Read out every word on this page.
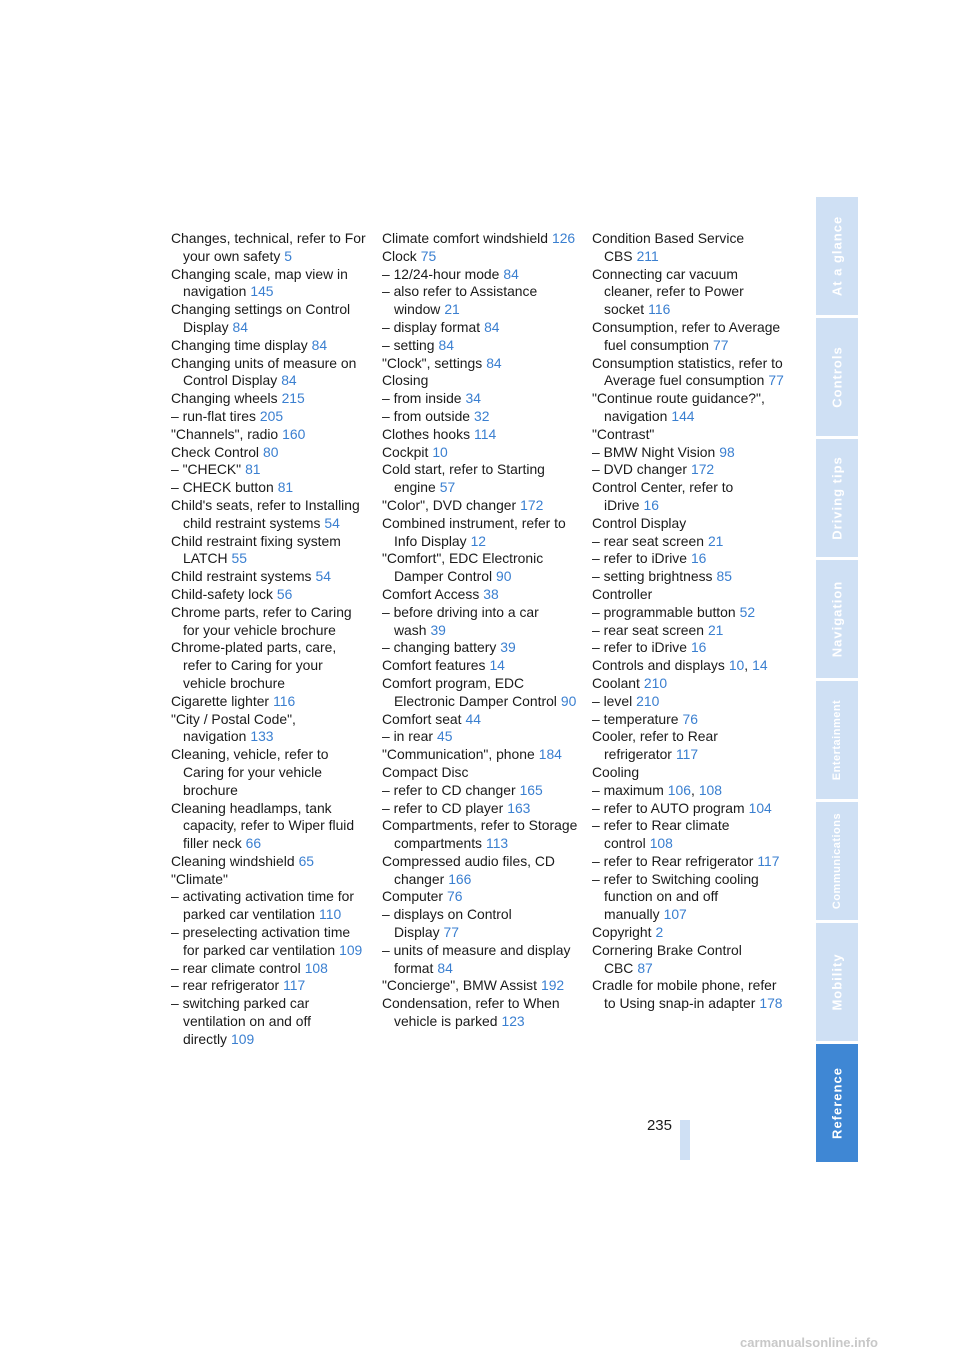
Changes, technical, refer to For your own safety 5
Changing scale, map view in navigation 145
Changing settings on Control Display 84
Changing time display 84
Changing units of measure on Control Display 84
Changing wheels 215
– run-flat tires 205
"Channels", radio 160
Check Control 80
– "CHECK" 81
– CHECK button 81
Child's seats, refer to Installing child restraint systems 54
Child restraint fixing system LATCH 55
Child restraint systems 54
Child-safety lock 56
Chrome parts, refer to Caring for your vehicle brochure
Chrome-plated parts, care, refer to Caring for your vehicle brochure
Cigarette lighter 116
"City / Postal Code", navigation 133
Cleaning, vehicle, refer to Caring for your vehicle brochure
Cleaning headlamps, tank capacity, refer to Wiper fluid filler neck 66
Cleaning windshield 65
"Climate"
– activating activation time for parked car ventilation 110
– preselecting activation time for parked car ventilation 109
– rear climate control 108
– rear refrigerator 117
– switching parked car ventilation on and off directly 109
Climate comfort windshield 126
Clock 75
– 12/24-hour mode 84
– also refer to Assistance window 21
– display format 84
– setting 84
"Clock", settings 84
Closing
– from inside 34
– from outside 32
Clothes hooks 114
Cockpit 10
Cold start, refer to Starting engine 57
"Color", DVD changer 172
Combined instrument, refer to Info Display 12
"Comfort", EDC Electronic Damper Control 90
Comfort Access 38
– before driving into a car wash 39
– changing battery 39
Comfort features 14
Comfort program, EDC Electronic Damper Control 90
Comfort seat 44
– in rear 45
"Communication", phone 184
Compact Disc
– refer to CD changer 165
– refer to CD player 163
Compartments, refer to Storage compartments 113
Compressed audio files, CD changer 166
Computer 76
– displays on Control Display 77
– units of measure and display format 84
"Concierge", BMW Assist 192
Condensation, refer to When vehicle is parked 123
Condition Based Service CBS 211
Connecting car vacuum cleaner, refer to Power socket 116
Consumption, refer to Average fuel consumption 77
Consumption statistics, refer to Average fuel consumption 77
"Continue route guidance?", navigation 144
"Contrast"
– BMW Night Vision 98
– DVD changer 172
Control Center, refer to iDrive 16
Control Display
– rear seat screen 21
– refer to iDrive 16
– setting brightness 85
Controller
– programmable button 52
– rear seat screen 21
– refer to iDrive 16
Controls and displays 10, 14
Coolant 210
– level 210
– temperature 76
Cooler, refer to Rear refrigerator 117
Cooling
– maximum 106, 108
– refer to AUTO program 104
– refer to Rear climate control 108
– refer to Rear refrigerator 117
– refer to Switching cooling function on and off manually 107
Copyright 2
Cornering Brake Control CBC 87
Cradle for mobile phone, refer to Using snap-in adapter 178
At a glance
Controls
Driving tips
Navigation
Entertainment
Communications
Mobility
Reference
235
carmanualsonline.info
